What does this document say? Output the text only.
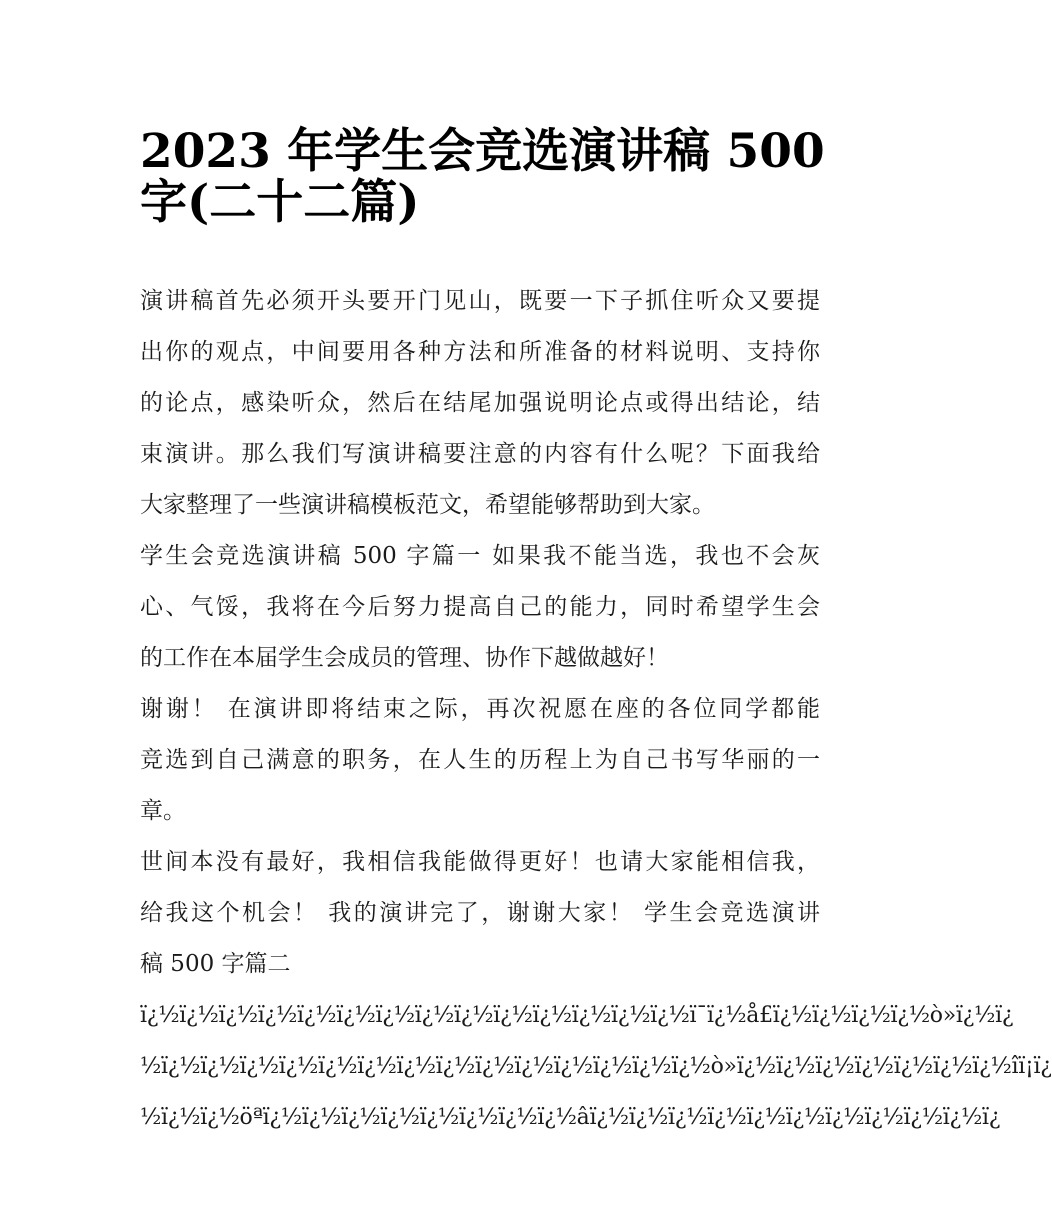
2023 年学生会竞选演讲稿 500
字(二十二篇)
演讲稿首先必须开头要开门见山，既要一下子抓住听众又要提
出你的观点，中间要用各种方法和所准备的材料说明、支持你
的论点，感染听众，然后在结尾加强说明论点或得出结论，结
束演讲。那么我们写演讲稿要注意的内容有什么呢？下面我给
大家整理了一些演讲稿模板范文，希望能够帮助到大家。
学生会竞选演讲稿 500 字篇一 如果我不能当选，我也不会灰
心、气馁，我将在今后努力提高自己的能力，同时希望学生会
的工作在本届学生会成员的管理、协作下越做越好！
谢谢！ 在演讲即将结束之际，再次祝愿在座的各位同学都能
竞选到自己满意的职务，在人生的历程上为自己书写华丽的一
章。
世间本没有最好，我相信我能做得更好！也请大家能相信我，
给我这个机会！ 我的演讲完了，谢谢大家！ 学生会竞选演讲
稿 500 字篇二
ï¿½ï¿½ï¿½ï¿½ï¿½ï¿½ï¿½ï¿½ï¿½ï¿½ï¿½ï¿½ï¿½ï¿½ï¯ï¿½å£ï¿½ï¿½ï¿½ï¿½ò»ï¿½ï¿
½ï¿½ï¿½ï¿½ï¿½ï¿½ï¿½ï¿½ï¿½ï¿½ï¿½ï¿½ï¿½ï¿½ï¿½ò»ï¿½ï¿½ï¿½ï¿½ï¿½ï¿½ï¿½îï¡ï¿
½ï¿½ï¿½öªï¿½ï¿½ï¿½ï¿½ï¿½ï¿½ï¿½ï¿½âï¿½ï¿½ï¿½ï¿½ï¿½ï¿½ï¿½ï¿½ï¿½ï¿½ï¿
